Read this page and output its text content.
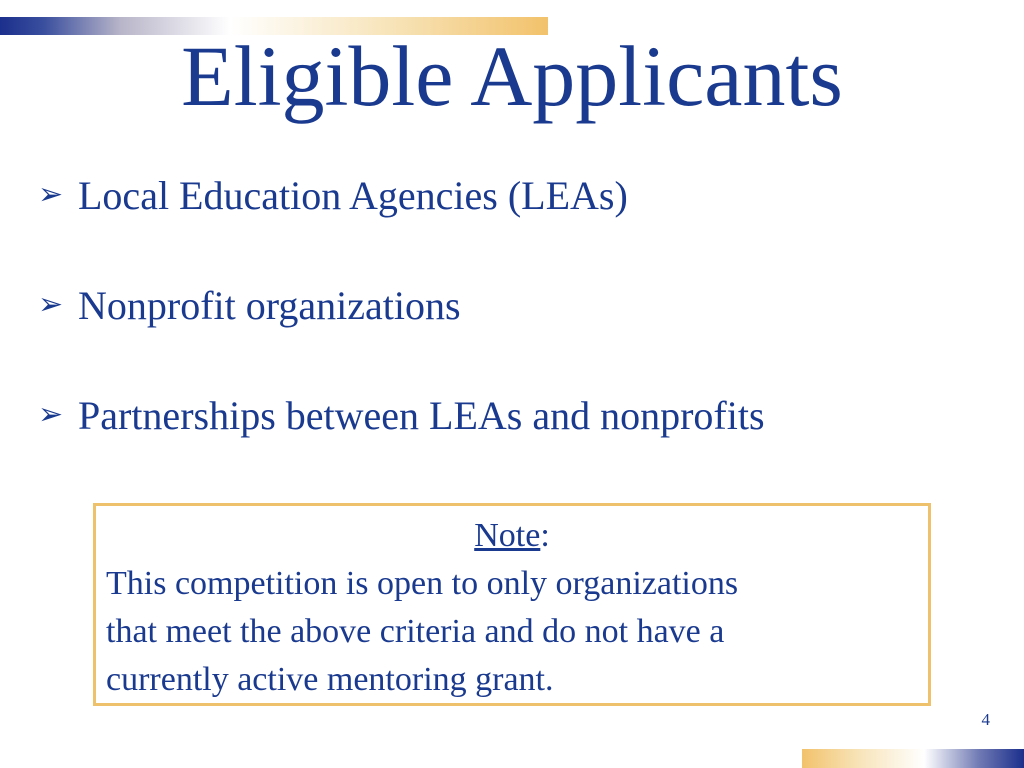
Eligible Applicants
➢ Local Education Agencies (LEAs)
➢ Nonprofit organizations
➢ Partnerships between LEAs and nonprofits

Note:

This competition is open to only organizations
that meet the above criteria and do not have a
currently active mentoring grant.

4
